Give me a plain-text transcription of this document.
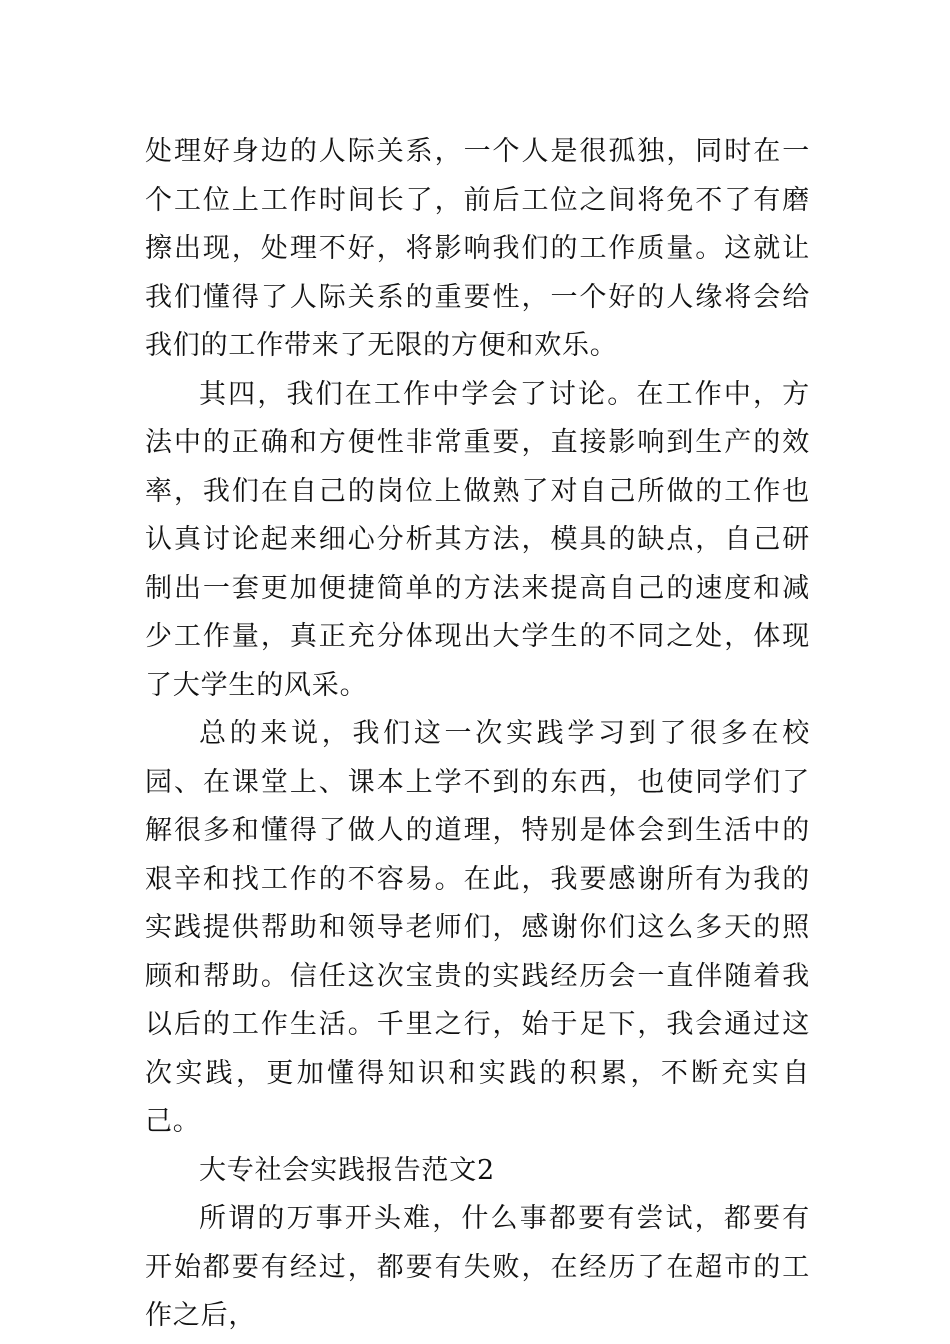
处理好身边的人际关系，一个人是很孤独，同时在一个工位上工作时间长了，前后工位之间将免不了有磨擦出现，处理不好，将影响我们的工作质量。这就让我们懂得了人际关系的重要性，一个好的人缘将会给我们的工作带来了无限的方便和欢乐。

其四，我们在工作中学会了讨论。在工作中，方法中的正确和方便性非常重要，直接影响到生产的效率，我们在自己的岗位上做熟了对自己所做的工作也认真讨论起来细心分析其方法，模具的缺点，自己研制出一套更加便捷简单的方法来提高自己的速度和减少工作量，真正充分体现出大学生的不同之处，体现了大学生的风采。

总的来说，我们这一次实践学习到了很多在校园、在课堂上、课本上学不到的东西，也使同学们了解很多和懂得了做人的道理，特别是体会到生活中的艰辛和找工作的不容易。在此，我要感谢所有为我的实践提供帮助和领导老师们，感谢你们这么多天的照顾和帮助。信任这次宝贵的实践经历会一直伴随着我以后的工作生活。千里之行，始于足下，我会通过这次实践，更加懂得知识和实践的积累，不断充实自己。

大专社会实践报告范文2

所谓的万事开头难，什么事都要有尝试，都要有开始都要有经过，都要有失败，在经历了在超市的工作之后，
